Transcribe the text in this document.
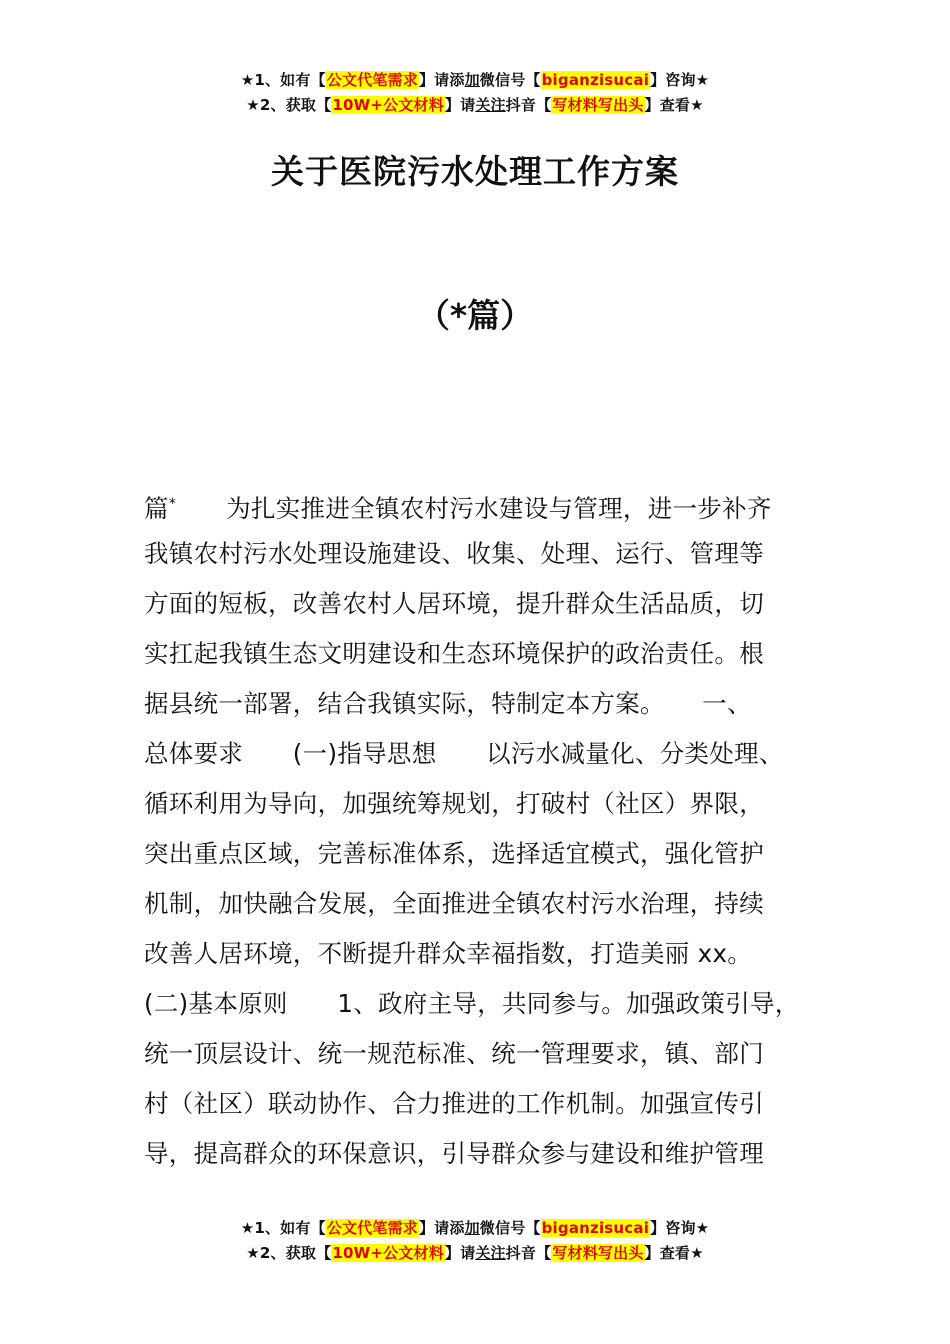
★1、如有【公文代笔需求】请添加微信号【biganzisucai】咨询★
★2、获取【10W+公文材料】请关注抖音【写材料写出头】查看★
关于医院污水处理工作方案
（*篇）
篇* 为扎实推进全镇农村污水建设与管理，进一步补齐
我镇农村污水处理设施建设、收集、处理、运行、管理等
方面的短板，改善农村人居环境，提升群众生活品质，切
实扛起我镇生态文明建设和生态环境保护的政治责任。根
据县统一部署，结合我镇实际，特制定本方案。　　一、
总体要求　　(一)指导思想　　以污水减量化、分类处理、
循环利用为导向，加强统筹规划，打破村（社区）界限，
突出重点区域，完善标准体系，选择适宜模式，强化管护
机制，加快融合发展，全面推进全镇农村污水治理，持续
改善人居环境，不断提升群众幸福指数，打造美丽 xx。
(二)基本原则　　1、政府主导，共同参与。加强政策引导，
统一顶层设计、统一规范标准、统一管理要求，镇、部门
村（社区）联动协作、合力推进的工作机制。加强宣传引
导，提高群众的环保意识，引导群众参与建设和维护管理
★1、如有【公文代笔需求】请添加微信号【biganzisucai】咨询★
★2、获取【10W+公文材料】请关注抖音【写材料写出头】查看★
